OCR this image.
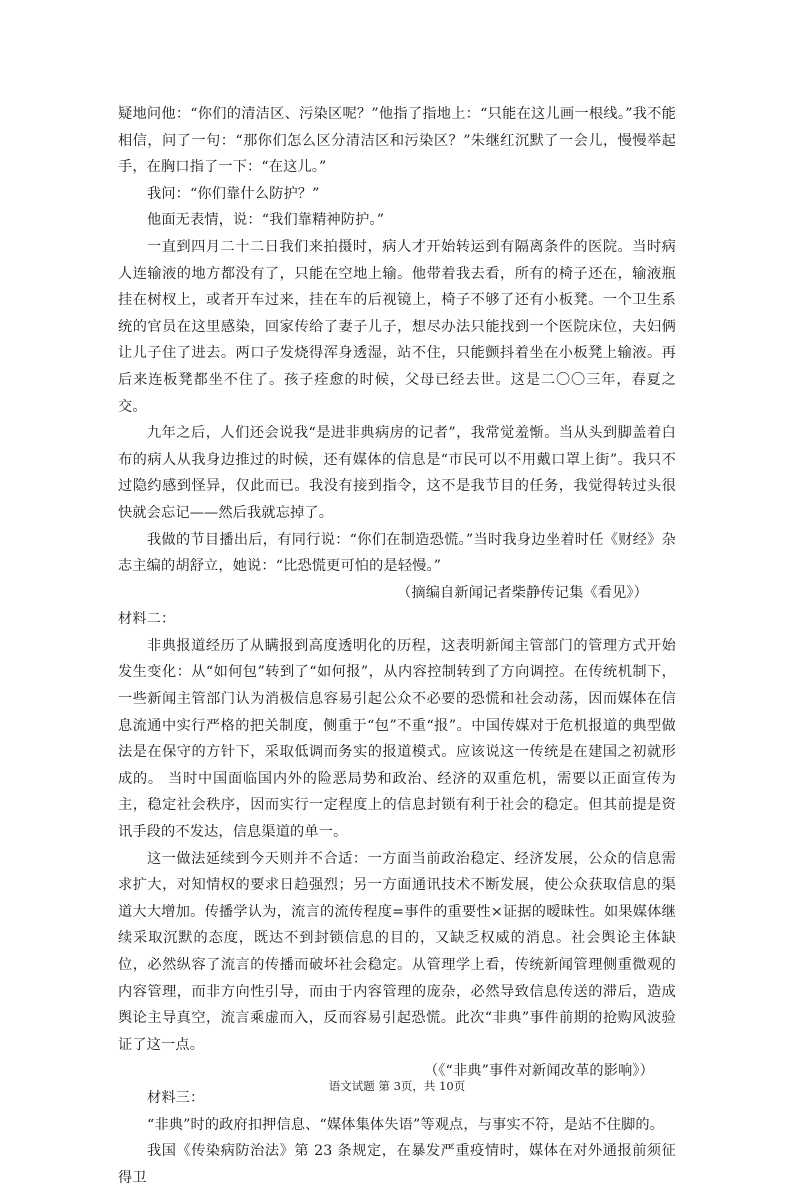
疑地问他：“你们的清洁区、污染区呢？”他指了指地上：“只能在这儿画一根线。”我不能相信，问了一句：“那你们怎么区分清洁区和污染区？”朱继红沉默了一会儿，慢慢举起手，在胸口指了一下：“在这儿。”

我问：“你们靠什么防护？”

他面无表情，说：“我们靠精神防护。”

一直到四月二十二日我们来拍摄时，病人才开始转运到有隔离条件的医院。当时病人连输液的地方都没有了，只能在空地上输。他带着我去看，所有的椅子还在，输液瓶挂在树杈上，或者开车过来，挂在车的后视镜上，椅子不够了还有小板凳。一个卫生系统的官员在这里感染，回家传给了妻子儿子，想尽办法只能找到一个医院床位，夫妇俩让儿子住了进去。两口子发烧得浑身透湿，站不住，只能颤抖着坐在小板凳上输液。再后来连板凳都坐不住了。孩子痊愈的时候，父母已经去世。这是二〇〇三年，春夏之交。

九年之后，人们还会说我“是进非典病房的记者”，我常觉羞惭。当从头到脚盖着白布的病人从我身边推过的时候，还有媒体的信息是“市民可以不用戴口罩上街”。我只不过隐约感到怪异，仅此而已。我没有接到指令，这不是我节目的任务，我觉得转过头很快就会忘记——然后我就忘掉了。

我做的节目播出后，有同行说：“你们在制造恐慌。”当时我身边坐着时任《财经》杂志主编的胡舒立，她说：“比恐慌更可怕的是轻慢。”

（摘编自新闻记者柴静传记集《看见》）

材料二：

非典报道经历了从瞒报到高度透明化的历程，这表明新闻主管部门的管理方式开始发生变化：从“如何包”转到了“如何报”，从内容控制转到了方向调控。在传统机制下，一些新闻主管部门认为消极信息容易引起公众不必要的恐慌和社会动荡，因而媒体在信息流通中实行严格的把关制度，侧重于“包”不重“报”。中国传媒对于危机报道的典型做法是在保守的方针下，采取低调而务实的报道模式。应该说这一传统是在建国之初就形成的。 当时中国面临国内外的险恶局势和政治、经济的双重危机，需要以正面宣传为主，稳定社会秩序，因而实行一定程度上的信息封锁有利于社会的稳定。但其前提是资讯手段的不发达，信息渠道的单一。

这一做法延续到今天则并不合适：一方面当前政治稳定、经济发展，公众的信息需求扩大，对知情权的要求日趋强烈；另一方面通讯技术不断发展，使公众获取信息的渠道大大增加。传播学认为，流言的流传程度=事件的重要性×证据的暧昧性。如果媒体继续采取沉默的态度，既达不到封锁信息的目的，又缺乏权威的消息。社会舆论主体缺位，必然纵容了流言的传播而破坏社会稳定。从管理学上看，传统新闻管理侧重微观的内容管理，而非方向性引导，而由于内容管理的庞杂，必然导致信息传送的滞后，造成舆论主导真空，流言乘虚而入，反而容易引起恐慌。此次“非典”事件前期的抢购风波验证了这一点。

（《“非典”事件对新闻改革的影响》）

材料三：

“非典”时的政府扣押信息、“媒体集体失语”等观点，与事实不符，是站不住脚的。

我国《传染病防治法》第 23 条规定，在暴发严重疫情时，媒体在对外通报前须征得卫

语文试题 第 3页，共 10页
